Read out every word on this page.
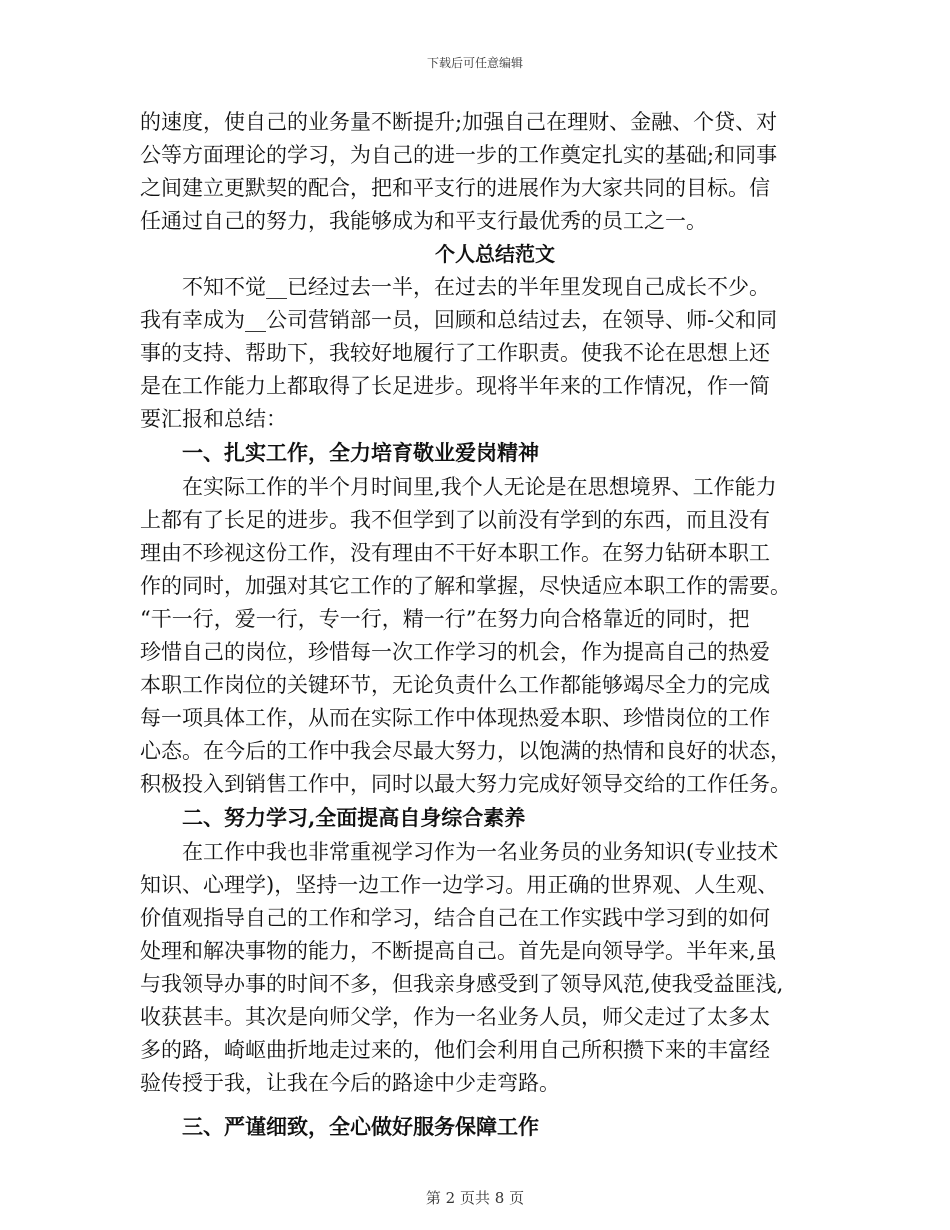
下载后可任意编辑
的速度，使自己的业务量不断提升;加强自己在理财、金融、个贷、对
公等方面理论的学习，为自己的进一步的工作奠定扎实的基础;和同事
之间建立更默契的配合，把和平支行的进展作为大家共同的目标。信
任通过自己的努力，我能够成为和平支行最优秀的员工之一。
个人总结范文
不知不觉__已经过去一半，在过去的半年里发现自己成长不少。
我有幸成为__公司营销部一员，回顾和总结过去，在领导、师-父和同
事的支持、帮助下，我较好地履行了工作职责。使我不论在思想上还
是在工作能力上都取得了长足进步。现将半年来的工作情况，作一简
要汇报和总结：
一、扎实工作，全力培育敬业爱岗精神
在实际工作的半个月时间里,我个人无论是在思想境界、工作能力
上都有了长足的进步。我不但学到了以前没有学到的东西，而且没有
理由不珍视这份工作，没有理由不干好本职工作。在努力钻研本职工
作的同时，加强对其它工作的了解和掌握，尽快适应本职工作的需要。
“干一行，爱一行，专一行，精一行”在努力向合格靠近的同时，把
珍惜自己的岗位，珍惜每一次工作学习的机会，作为提高自己的热爱
本职工作岗位的关键环节，无论负责什么工作都能够竭尽全力的完成
每一项具体工作，从而在实际工作中体现热爱本职、珍惜岗位的工作
心态。在今后的工作中我会尽最大努力，以饱满的热情和良好的状态，
积极投入到销售工作中，同时以最大努力完成好领导交给的工作任务。
二、努力学习,全面提高自身综合素养
在工作中我也非常重视学习作为一名业务员的业务知识(专业技术
知识、心理学)，坚持一边工作一边学习。用正确的世界观、人生观、
价值观指导自己的工作和学习，结合自己在工作实践中学习到的如何
处理和解决事物的能力，不断提高自己。首先是向领导学。半年来,虽
与我领导办事的时间不多，但我亲身感受到了领导风范,使我受益匪浅,
收获甚丰。其次是向师父学，作为一名业务人员，师父走过了太多太
多的路，崎岖曲折地走过来的，他们会利用自己所积攒下来的丰富经
验传授于我，让我在今后的路途中少走弯路。
三、严谨细致，全心做好服务保障工作
第 2 页共 8 页
